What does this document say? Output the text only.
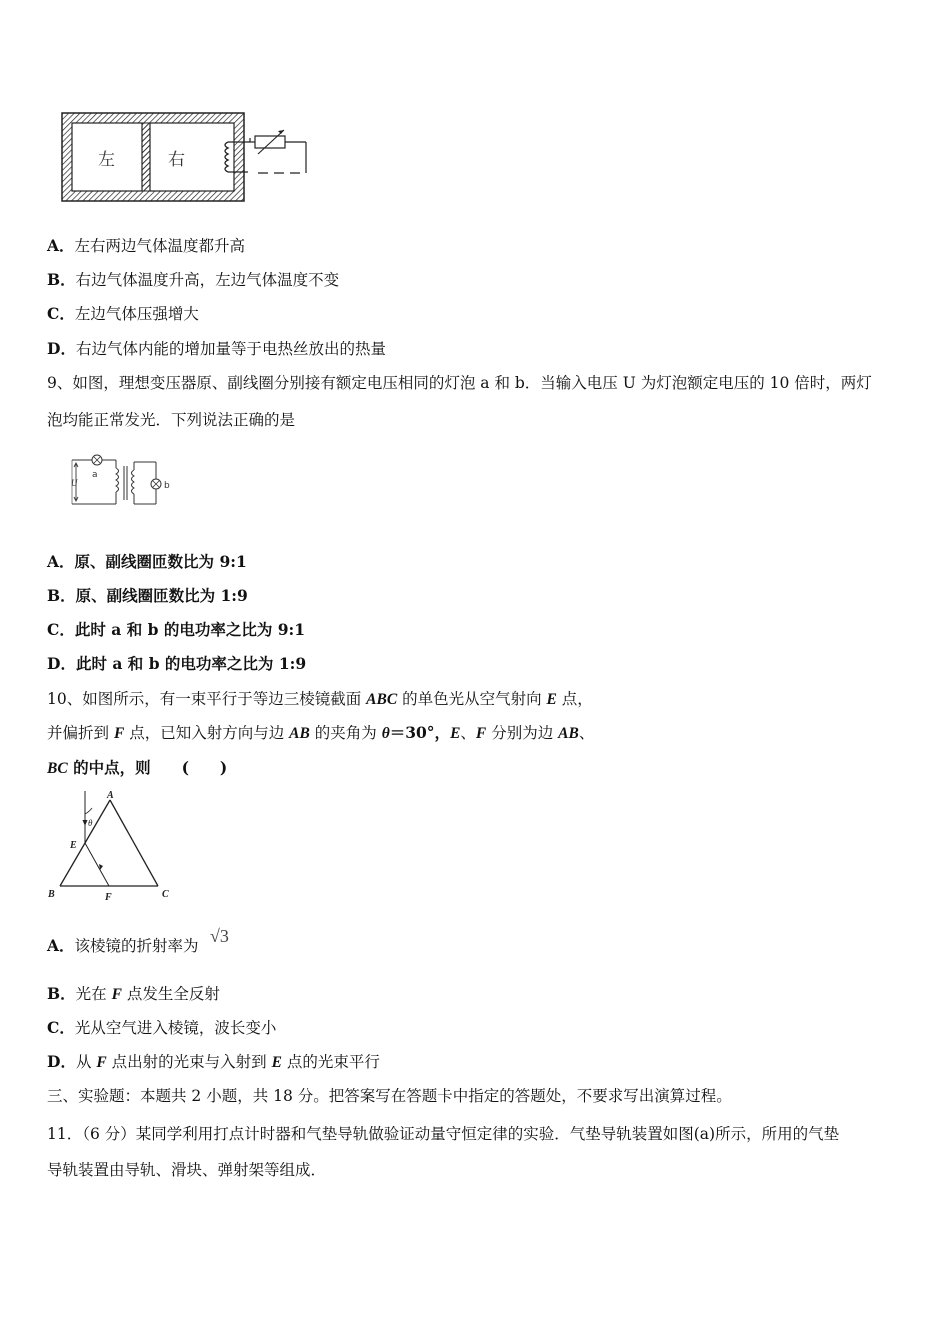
左	右
A．左右两边气体温度都升高
B．右边气体温度升高，左边气体温度不变
C．左边气体压强增大
D．右边气体内能的增加量等于电热丝放出的热量
9、如图，理想变压器原、副线圈分别接有额定电压相同的灯泡 a 和 b．当输入电压 U 为灯泡额定电压的 10 倍时，两灯
泡均能正常发光．下列说法正确的是
a
U	b
A．原、副线圈匝数比为 9:1
B．原、副线圈匝数比为 1:9
C．此时 a 和 b 的电功率之比为 9:1
D．此时 a 和 b 的电功率之比为 1:9
10、如图所示，有一束平行于等边三棱镜截面 ABC 的单色光从空气射向 E 点，
并偏折到 F 点，已知入射方向与边 AB 的夹角为 θ＝30°，E、F 分别为边 AB、
BC 的中点，则　　(　　)
A
B	C
E
F
θ
A．该棱镜的折射率为 √3
B．光在 F 点发生全反射
C．光从空气进入棱镜，波长变小
D．从 F 点出射的光束与入射到 E 点的光束平行
三、实验题：本题共 2 小题，共 18 分。把答案写在答题卡中指定的答题处，不要求写出演算过程。
11．（6 分）某同学利用打点计时器和气垫导轨做验证动量守恒定律的实验．气垫导轨装置如图(a)所示，所用的气垫
导轨装置由导轨、滑块、弹射架等组成．
